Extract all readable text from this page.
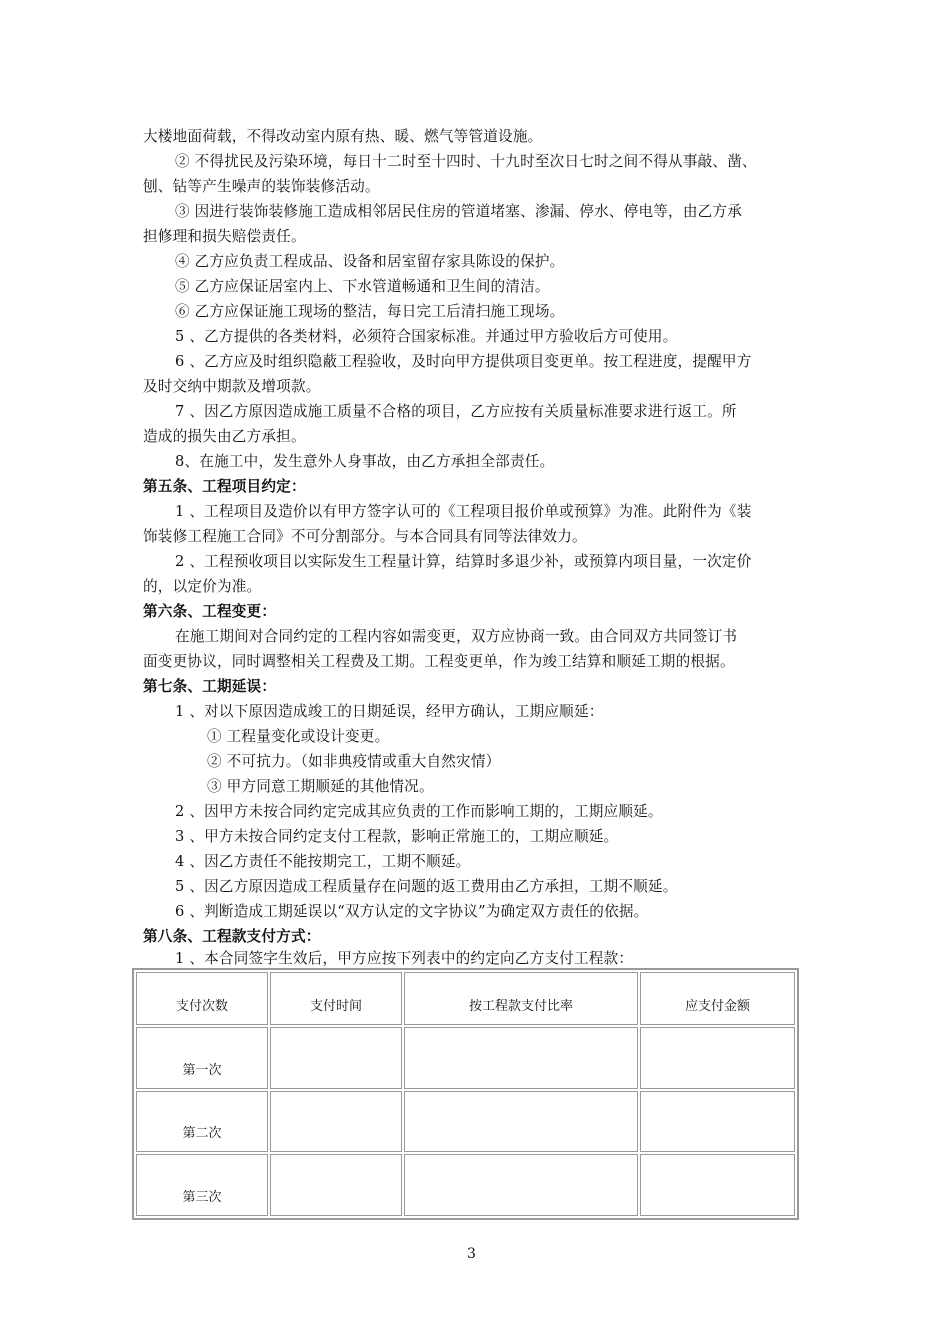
大楼地面荷载，不得改动室内原有热、暖、燃气等管道设施。
② 不得扰民及污染环境，每日十二时至十四时、十九时至次日七时之间不得从事敲、凿、
刨、钻等产生噪声的装饰装修活动。
③ 因进行装饰装修施工造成相邻居民住房的管道堵塞、渗漏、停水、停电等，由乙方承
担修理和损失赔偿责任。
④ 乙方应负责工程成品、设备和居室留存家具陈设的保护。
⑤ 乙方应保证居室内上、下水管道畅通和卫生间的清洁。
⑥ 乙方应保证施工现场的整洁，每日完工后清扫施工现场。
5 、乙方提供的各类材料，必须符合国家标准。并通过甲方验收后方可使用。
6 、乙方应及时组织隐蔽工程验收，及时向甲方提供项目变更单。按工程进度，提醒甲方
及时交纳中期款及增项款。
7 、因乙方原因造成施工质量不合格的项目，乙方应按有关质量标准要求进行返工。所
造成的损失由乙方承担。
8、在施工中，发生意外人身事故，由乙方承担全部责任。
第五条、工程项目约定：
1 、工程项目及造价以有甲方签字认可的《工程项目报价单或预算》为准。此附件为《装
饰装修工程施工合同》不可分割部分。与本合同具有同等法律效力。
2 、工程预收项目以实际发生工程量计算，结算时多退少补，或预算内项目量，一次定价
的，以定价为准。
第六条、工程变更：
在施工期间对合同约定的工程内容如需变更，双方应协商一致。由合同双方共同签订书
面变更协议，同时调整相关工程费及工期。工程变更单，作为竣工结算和顺延工期的根据。
第七条、工期延误：
1 、对以下原因造成竣工的日期延误，经甲方确认，工期应顺延：
① 工程量变化或设计变更。
② 不可抗力。（如非典疫情或重大自然灾情）
③ 甲方同意工期顺延的其他情况。
2 、因甲方未按合同约定完成其应负责的工作而影响工期的，工期应顺延。
3 、甲方未按合同约定支付工程款，影响正常施工的，工期应顺延。
4 、因乙方责任不能按期完工，工期不顺延。
5 、因乙方原因造成工程质量存在问题的返工费用由乙方承担，工期不顺延。
6 、判断造成工期延误以“双方认定的文字协议”为确定双方责任的依据。
第八条、工程款支付方式：
1 、本合同签字生效后，甲方应按下列表中的约定向乙方支付工程款：
支付次数	支付时间	按工程款支付比率	应支付金额
第一次			
第二次			
第三次			
3
